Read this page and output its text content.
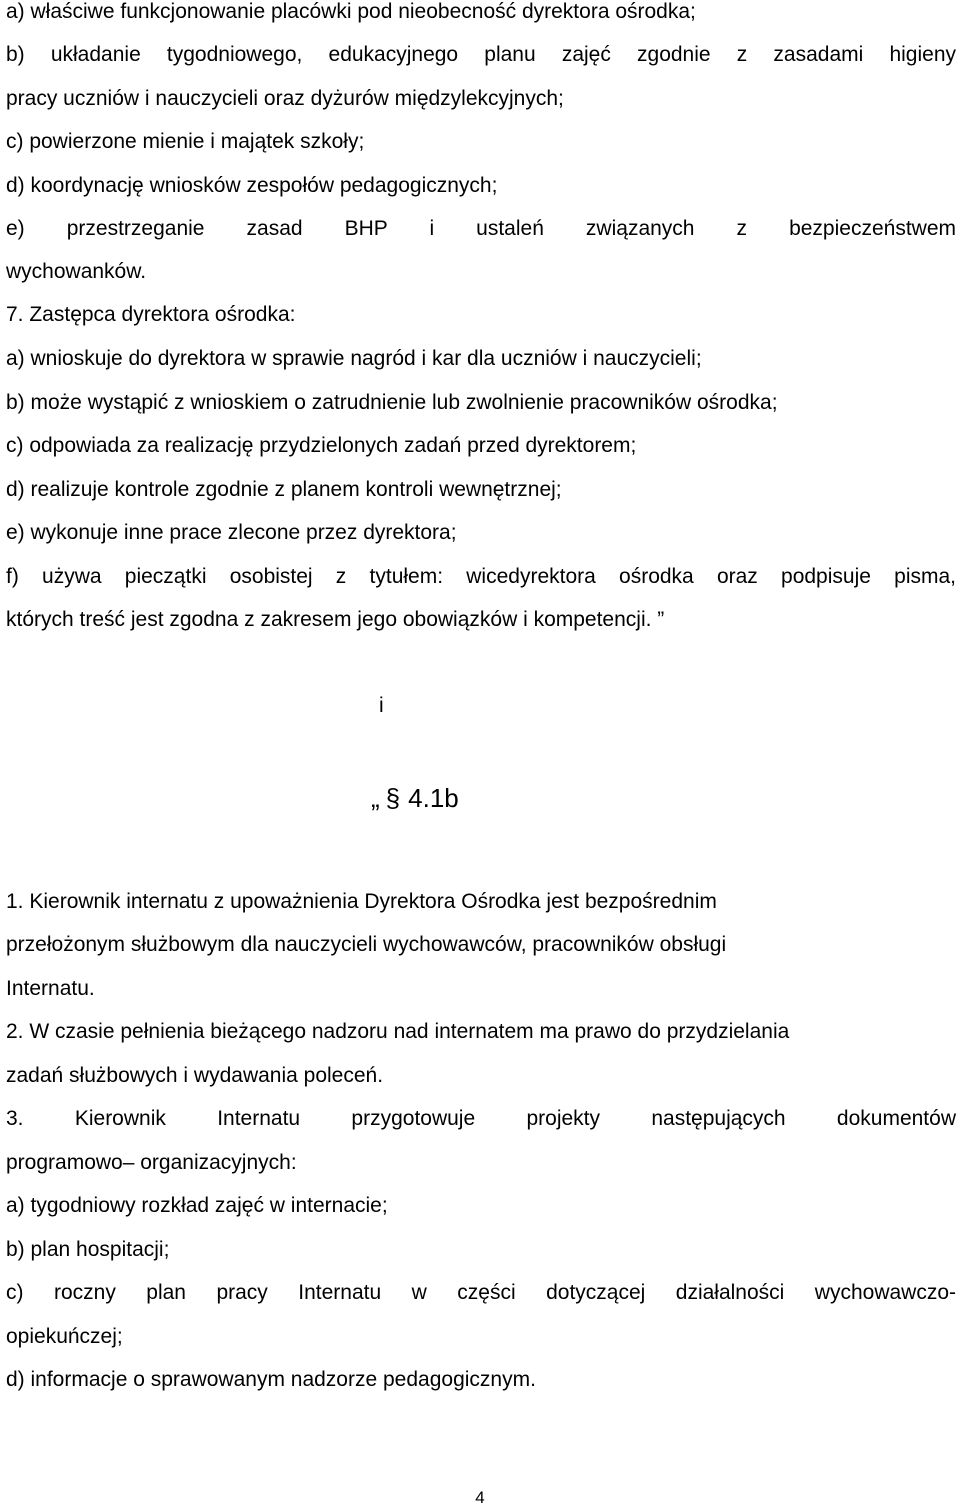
a) właściwe funkcjonowanie placówki pod nieobecność dyrektora ośrodka;

b) układanie tygodniowego, edukacyjnego planu zajęć zgodnie z zasadami higieny

pracy uczniów i nauczycieli oraz dyżurów międzylekcyjnych;

c) powierzone mienie i majątek szkoły;

d) koordynację wniosków zespołów pedagogicznych;

e) przestrzeganie zasad BHP i ustaleń związanych z bezpieczeństwem

wychowanków.

7. Zastępca dyrektora ośrodka:

a) wnioskuje do dyrektora w sprawie nagród i kar dla uczniów i nauczycieli;

b) może wystąpić z wnioskiem o zatrudnienie lub zwolnienie pracowników ośrodka;

c) odpowiada za realizację przydzielonych zadań przed dyrektorem;

d) realizuje kontrole zgodnie z planem kontroli wewnętrznej;

e) wykonuje inne prace zlecone przez dyrektora;

f) używa pieczątki osobistej z tytułem: wicedyrektora ośrodka oraz podpisuje pisma,

których treść jest zgodna z zakresem jego obowiązków i kompetencji. ”

i
„ § 4.1b

1. Kierownik internatu z upoważnienia Dyrektora Ośrodka jest bezpośrednim

przełożonym służbowym dla nauczycieli wychowawców, pracowników obsługi

Internatu.

2. W czasie pełnienia bieżącego nadzoru nad internatem ma prawo do przydzielania

zadań służbowych i wydawania poleceń.

3. Kierownik Internatu przygotowuje projekty następujących dokumentów

programowo– organizacyjnych:

a) tygodniowy rozkład zajęć w internacie;

b) plan hospitacji;

c) roczny plan pracy Internatu w części dotyczącej działalności wychowawczo-

opiekuńczej;

d) informacje o sprawowanym nadzorze pedagogicznym.

4
